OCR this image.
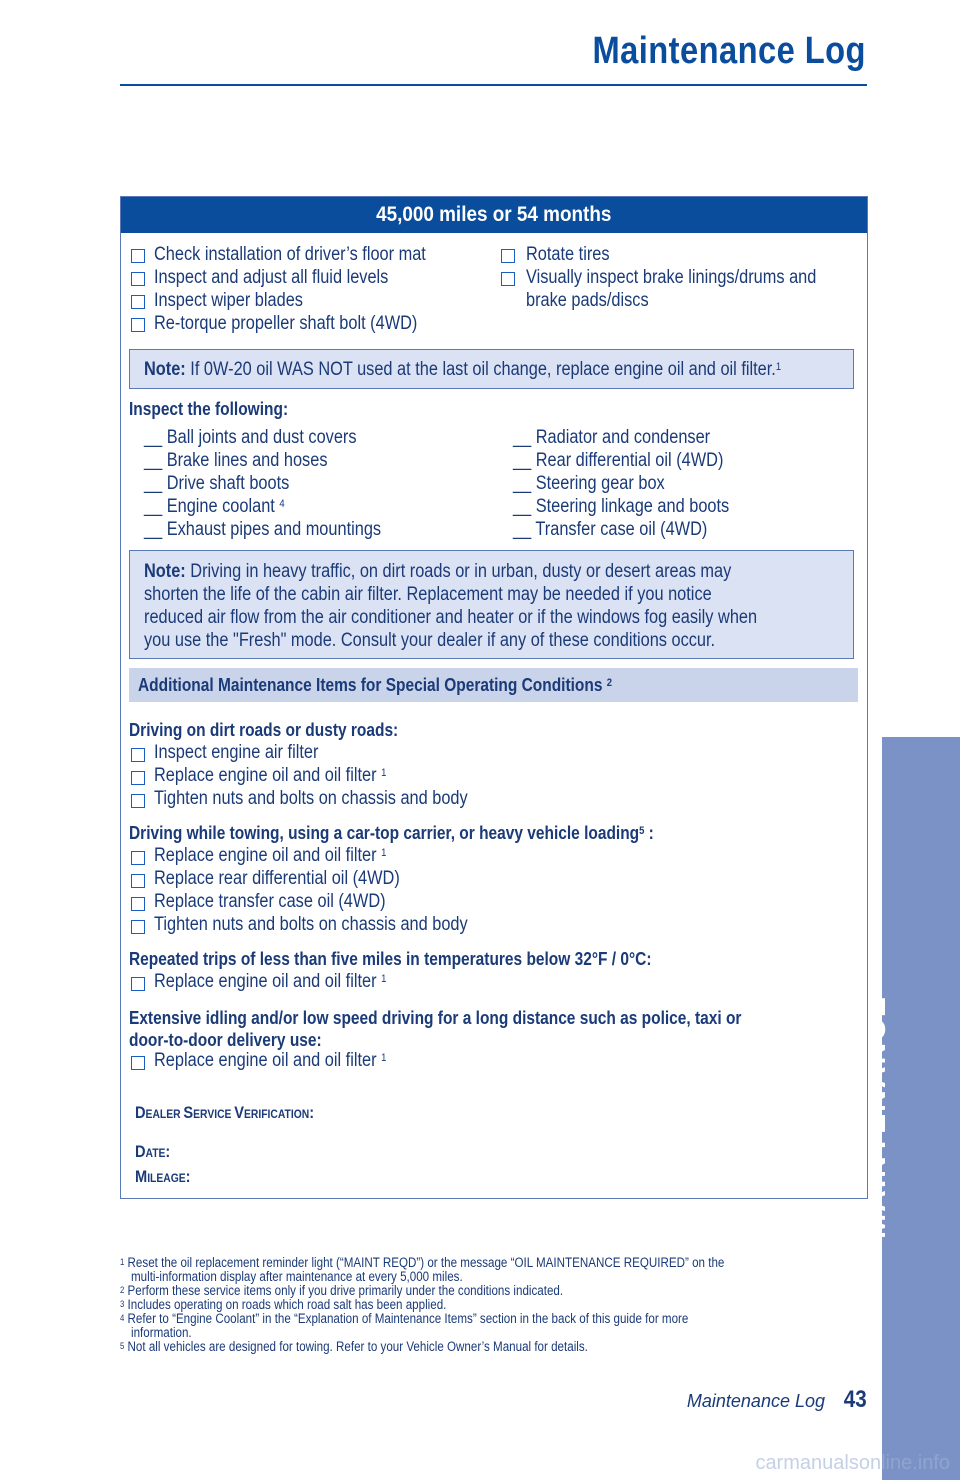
Maintenance Log
MAINTENANCE
45,000 miles or 54 months
Check installation of driver’s floor mat
Inspect and adjust all fluid levels
Inspect wiper blades
Re-torque propeller shaft bolt (4WD)
Rotate tires
Visually inspect brake linings/drums and
brake pads/discs
Note: If 0W-20 oil WAS NOT used at the last oil change, replace engine oil and oil filter.$^1$
Inspect the following:
__ Ball joints and dust covers
__ Brake lines and hoses
__ Drive shaft boots
__ Engine coolant $^4$
__ Exhaust pipes and mountings
__ Radiator and condenser
__ Rear differential oil (4WD)
__ Steering gear box
__ Steering linkage and boots
__ Transfer case oil (4WD)
Note: Driving in heavy traffic, on dirt roads or in urban, dusty or desert areas may
shorten the life of the cabin air filter. Replacement may be needed if you notice
reduced air flow from the air conditioner and heater or if the windows fog easily when
you use the "Fresh" mode. Consult your dealer if any of these conditions occur.
Additional Maintenance Items for Special Operating Conditions $^2$
Driving on dirt roads or dusty roads:
Inspect engine air filter
Replace engine oil and oil filter $^1$
Tighten nuts and bolts on chassis and body
Driving while towing, using a car-top carrier, or heavy vehicle loading$^5$ :
Replace engine oil and oil filter $^1$
Replace rear differential oil (4WD)
Replace transfer case oil (4WD)
Tighten nuts and bolts on chassis and body
Repeated trips of less than five miles in temperatures below 32°F / 0°C:
Replace engine oil and oil filter $^1$
Extensive idling and/or low speed driving for a long distance such as police, taxi or
door-to-door delivery use:
Replace engine oil and oil filter $^1$
DEALER SERVICE VERIFICATION:
DATE:
MILEAGE:
$^1$ Reset the oil replacement reminder light (“MAINT REQD”) or the message “OIL MAINTENANCE REQUIRED” on the
multi-information display after maintenance at every 5,000 miles.
$^2$ Perform these service items only if you drive primarily under the conditions indicated.
$^3$ Includes operating on roads which road salt has been applied.
$^4$ Refer to “Engine Coolant” in the “Explanation of Maintenance Items” section in the back of this guide for more
information.
$^5$ Not all vehicles are designed for towing. Refer to your Vehicle Owner’s Manual for details.
Maintenance Log 43
carmanualsonline.info
